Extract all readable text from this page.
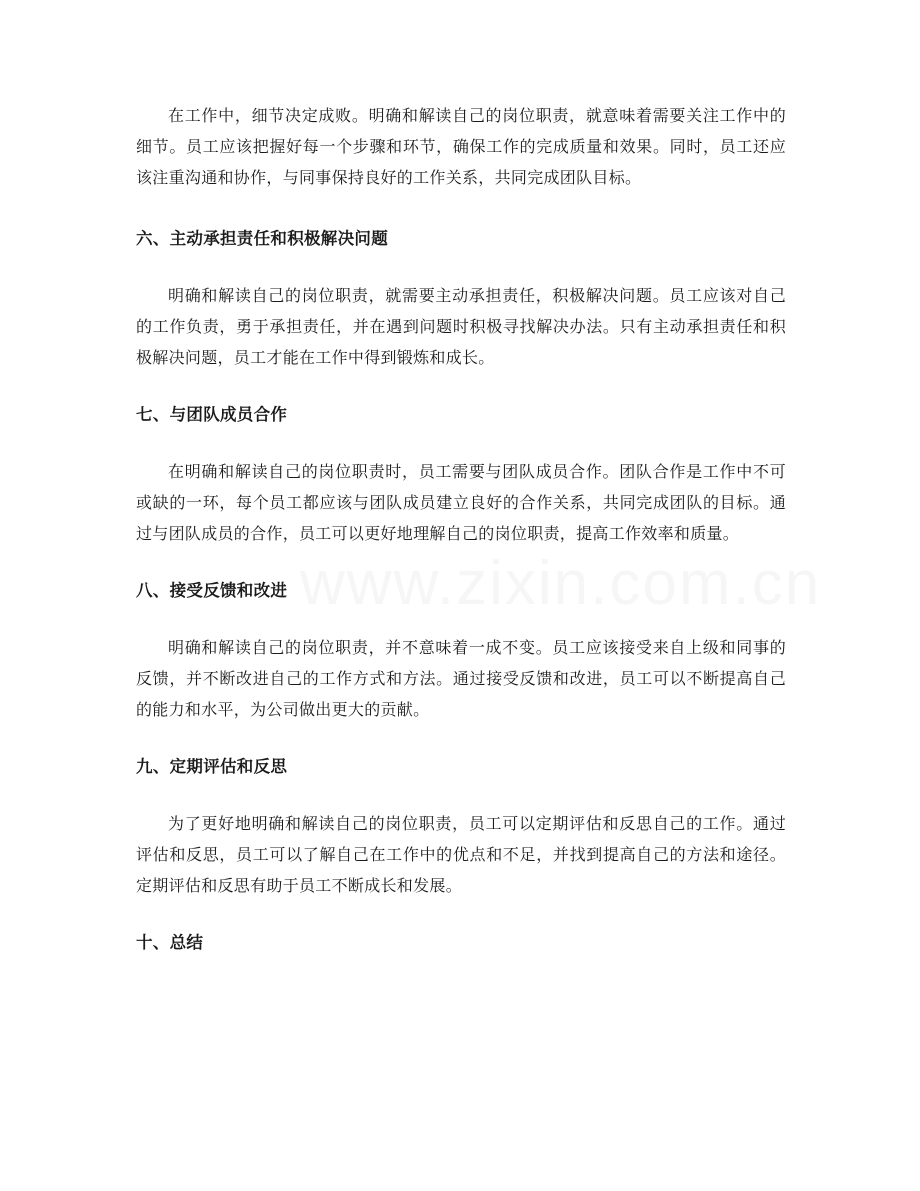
www.zixin.com.cn

在工作中，细节决定成败。明确和解读自己的岗位职责，就意味着需要关注工作中的细节。员工应该把握好每一个步骤和环节，确保工作的完成质量和效果。同时，员工还应该注重沟通和协作，与同事保持良好的工作关系，共同完成团队目标。

六、主动承担责任和积极解决问题

明确和解读自己的岗位职责，就需要主动承担责任，积极解决问题。员工应该对自己的工作负责，勇于承担责任，并在遇到问题时积极寻找解决办法。只有主动承担责任和积极解决问题，员工才能在工作中得到锻炼和成长。

七、与团队成员合作

在明确和解读自己的岗位职责时，员工需要与团队成员合作。团队合作是工作中不可或缺的一环，每个员工都应该与团队成员建立良好的合作关系，共同完成团队的目标。通过与团队成员的合作，员工可以更好地理解自己的岗位职责，提高工作效率和质量。

八、接受反馈和改进

明确和解读自己的岗位职责，并不意味着一成不变。员工应该接受来自上级和同事的反馈，并不断改进自己的工作方式和方法。通过接受反馈和改进，员工可以不断提高自己的能力和水平，为公司做出更大的贡献。

九、定期评估和反思

为了更好地明确和解读自己的岗位职责，员工可以定期评估和反思自己的工作。通过评估和反思，员工可以了解自己在工作中的优点和不足，并找到提高自己的方法和途径。定期评估和反思有助于员工不断成长和发展。

十、总结
